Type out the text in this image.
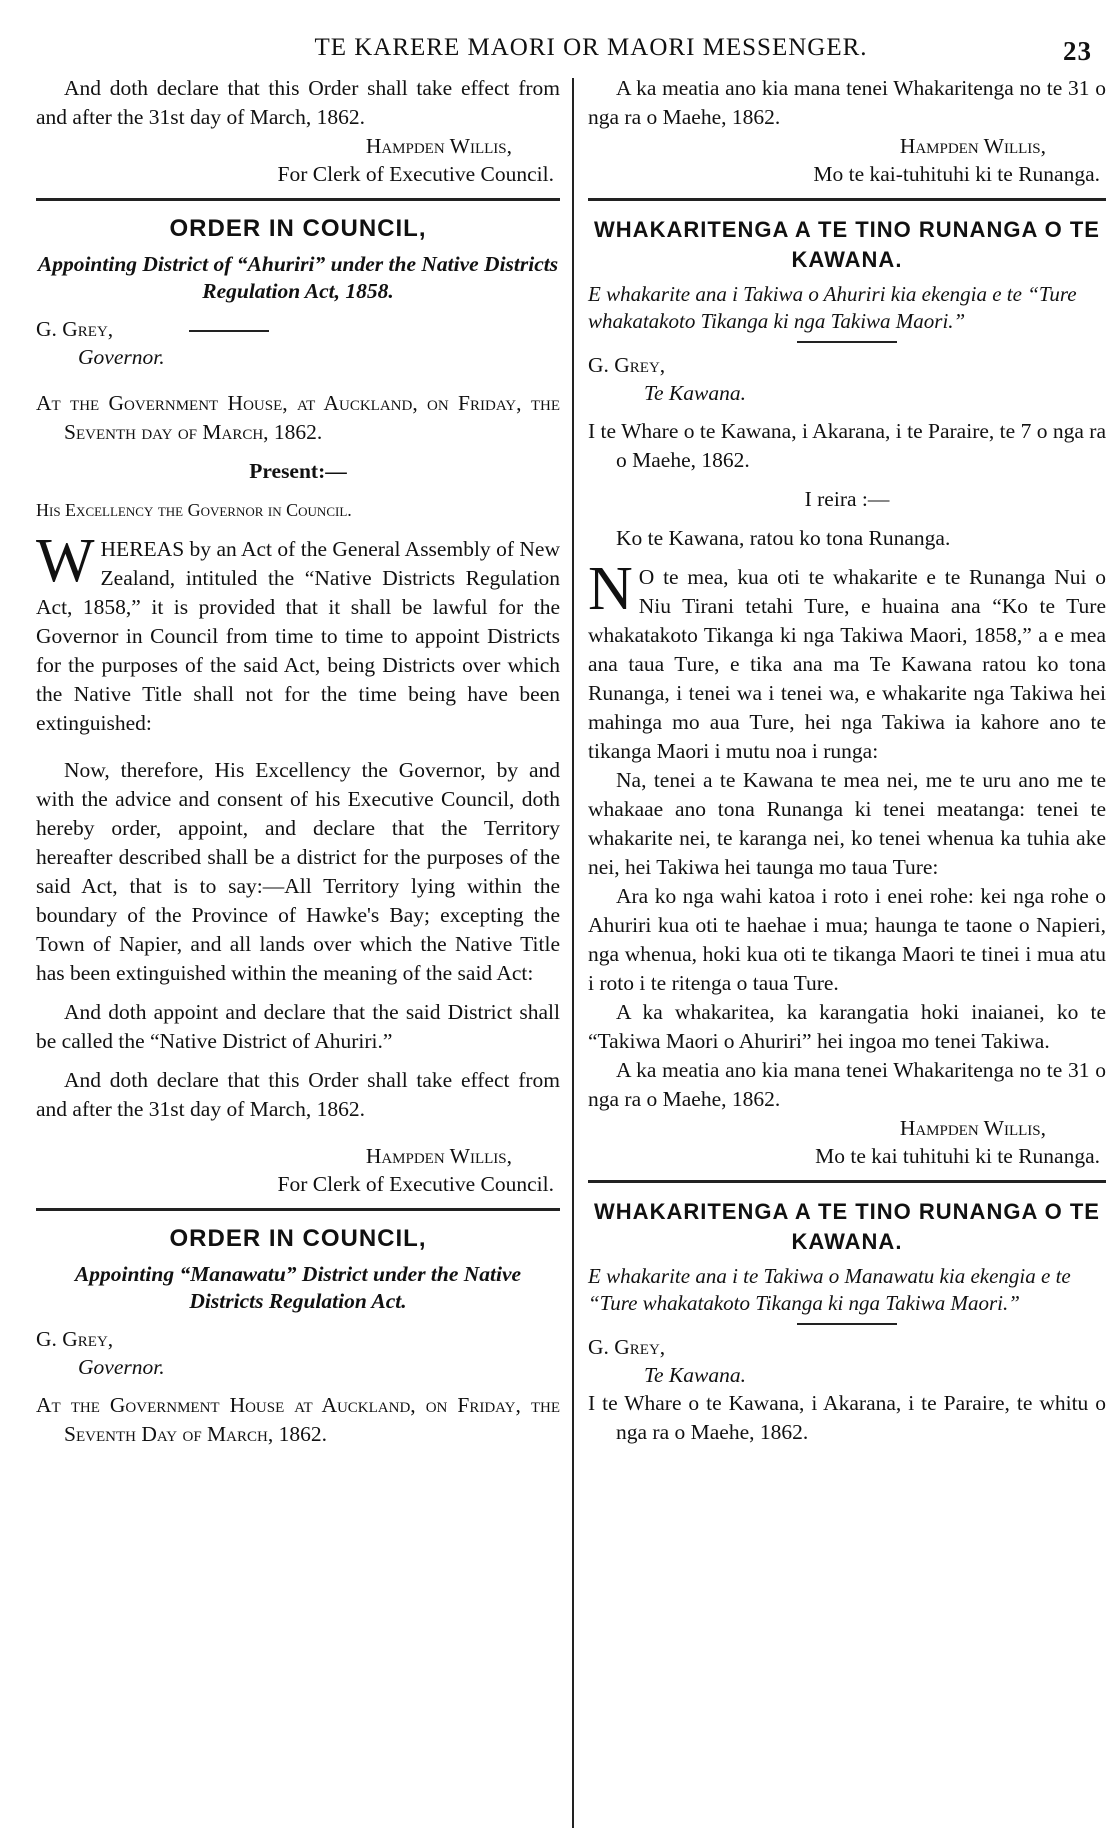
TE KARERE MAORI OR MAORI MESSENGER.	23

And doth declare that this Order shall take effect from and after the 31st day of March, 1862.

Hampden Willis,

For Clerk of Executive Council.

ORDER IN COUNCIL,

Appointing District of “Ahuriri” under the Native Districts Regulation Act, 1858.

G. Grey,

Governor.

At the Government House, at Auckland, on Friday, the Seventh day of March, 1862.

Present:—

His Excellency the Governor in Council.

WHEREAS by an Act of the General Assembly of New Zealand, intituled the “Native Districts Regulation Act, 1858,” it is provided that it shall be lawful for the Governor in Council from time to time to appoint Districts for the purposes of the said Act, being Districts over which the Native Title shall not for the time being have been extinguished:

Now, therefore, His Excellency the Governor, by and with the advice and consent of his Executive Council, doth hereby order, appoint, and declare that the Territory hereafter described shall be a district for the purposes of the said Act, that is to say:—All Territory lying within the boundary of the Province of Hawke's Bay; excepting the Town of Napier, and all lands over which the Native Title has been extinguished within the meaning of the said Act:

And doth appoint and declare that the said District shall be called the “Native District of Ahuriri.”

And doth declare that this Order shall take effect from and after the 31st day of March, 1862.

Hampden Willis,

For Clerk of Executive Council.

ORDER IN COUNCIL,

Appointing “Manawatu” District under the Native Districts Regulation Act.

G. Grey,

Governor.

At the Government House at Auckland, on Friday, the Seventh Day of March, 1862.

A ka meatia ano kia mana tenei Whakaritenga no te 31 o nga ra o Maehe, 1862.

Hampden Willis,

Mo te kai-tuhituhi ki te Runanga.

WHAKARITENGA A TE TINO RUNANGA O TE KAWANA.

E whakarite ana i Takiwa o Ahuriri kia ekengia e te “Ture whakatakoto Tikanga ki nga Takiwa Maori.”

G. Grey,

Te Kawana.

I te Whare o te Kawana, i Akarana, i te Paraire, te 7 o nga ra o Maehe, 1862.

I reira :—

Ko te Kawana, ratou ko tona Runanga.

N O te mea, kua oti te whakarite e te Runanga Nui o Niu Tirani tetahi Ture, e huaina ana “Ko te Ture whakatakoto Tikanga ki nga Takiwa Maori, 1858,” a e mea ana taua Ture, e tika ana ma Te Kawana ratou ko tona Runanga, i tenei wa i tenei wa, e whakarite nga Takiwa hei mahinga mo aua Ture, hei nga Takiwa ia kahore ano te tikanga Maori i mutu noa i runga:

Na, tenei a te Kawana te mea nei, me te uru ano me te whakaae ano tona Runanga ki tenei meatanga: tenei te whakarite nei, te karanga nei, ko tenei whenua ka tuhia ake nei, hei Takiwa hei taunga mo taua Ture:

Ara ko nga wahi katoa i roto i enei rohe: kei nga rohe o Ahuriri kua oti te haehae i mua; haunga te taone o Napieri, nga whenua, hoki kua oti te tikanga Maori te tinei i mua atu i roto i te ritenga o taua Ture.

A ka whakaritea, ka karangatia hoki inaianei, ko te “Takiwa Maori o Ahuriri” hei ingoa mo tenei Takiwa.

A ka meatia ano kia mana tenei Whakaritenga no te 31 o nga ra o Maehe, 1862.

Hampden Willis,

Mo te kai tuhituhi ki te Runanga.

WHAKARITENGA A TE TINO RUNANGA O TE KAWANA.

E whakarite ana i te Takiwa o Manawatu kia ekengia e te “Ture whakatakoto Tikanga ki nga Takiwa Maori.”

G. Grey,

Te Kawana.

I te Whare o te Kawana, i Akarana, i te Paraire, te whitu o nga ra o Maehe, 1862.
